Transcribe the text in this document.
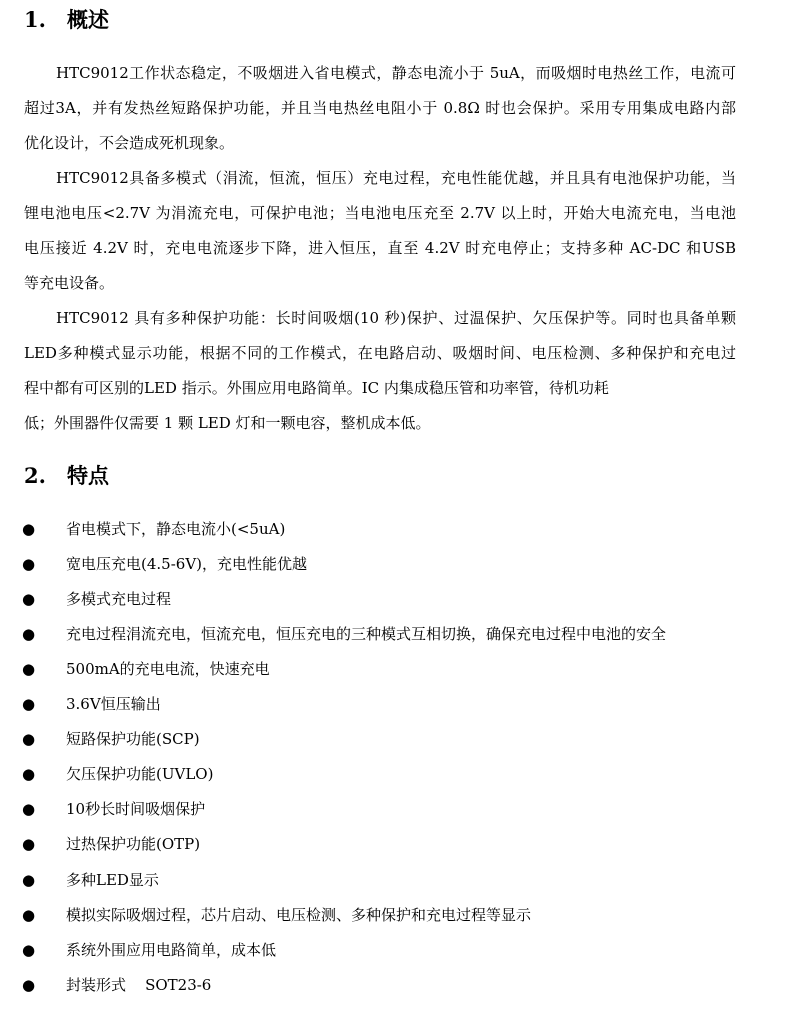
1. 概述
HTC9012工作状态稳定，不吸烟进入省电模式，静态电流小于 5uA，而吸烟时电热丝工作，电流可
超过3A，并有发热丝短路保护功能，并且当电热丝电阻小于 0.8Ω 时也会保护。采用专用集成电路内部
优化设计，不会造成死机现象。
HTC9012具备多模式（涓流，恒流，恒压）充电过程，充电性能优越，并且具有电池保护功能，当
锂电池电压<2.7V 为涓流充电，可保护电池；当电池电压充至 2.7V 以上时，开始大电流充电，当电池
电压接近 4.2V 时，充电电流逐步下降，进入恒压，直至 4.2V 时充电停止；支持多种 AC-DC 和USB
等充电设备。
HTC9012 具有多种保护功能：长时间吸烟(10 秒)保护、过温保护、欠压保护等。同时也具备单颗
LED多种模式显示功能，根据不同的工作模式，在电路启动、吸烟时间、电压检测、多种保护和充电过
程中都有可区别的LED 指示。外围应用电路简单。IC 内集成稳压管和功率管，待机功耗
低；外围器件仅需要 1 颗 LED 灯和一颗电容，整机成本低。
2. 特点
● 省电模式下，静态电流小(<5uA)
● 宽电压充电(4.5-6V)，充电性能优越
● 多模式充电过程
● 充电过程涓流充电，恒流充电，恒压充电的三种模式互相切换，确保充电过程中电池的安全
● 500mA的充电电流，快速充电
● 3.6V恒压输出
● 短路保护功能(SCP)
● 欠压保护功能(UVLO)
● 10秒长时间吸烟保护
● 过热保护功能(OTP)
● 多种LED显示
● 模拟实际吸烟过程，芯片启动、电压检测、多种保护和充电过程等显示
● 系统外围应用电路简单，成本低
● 封装形式    SOT23-6
